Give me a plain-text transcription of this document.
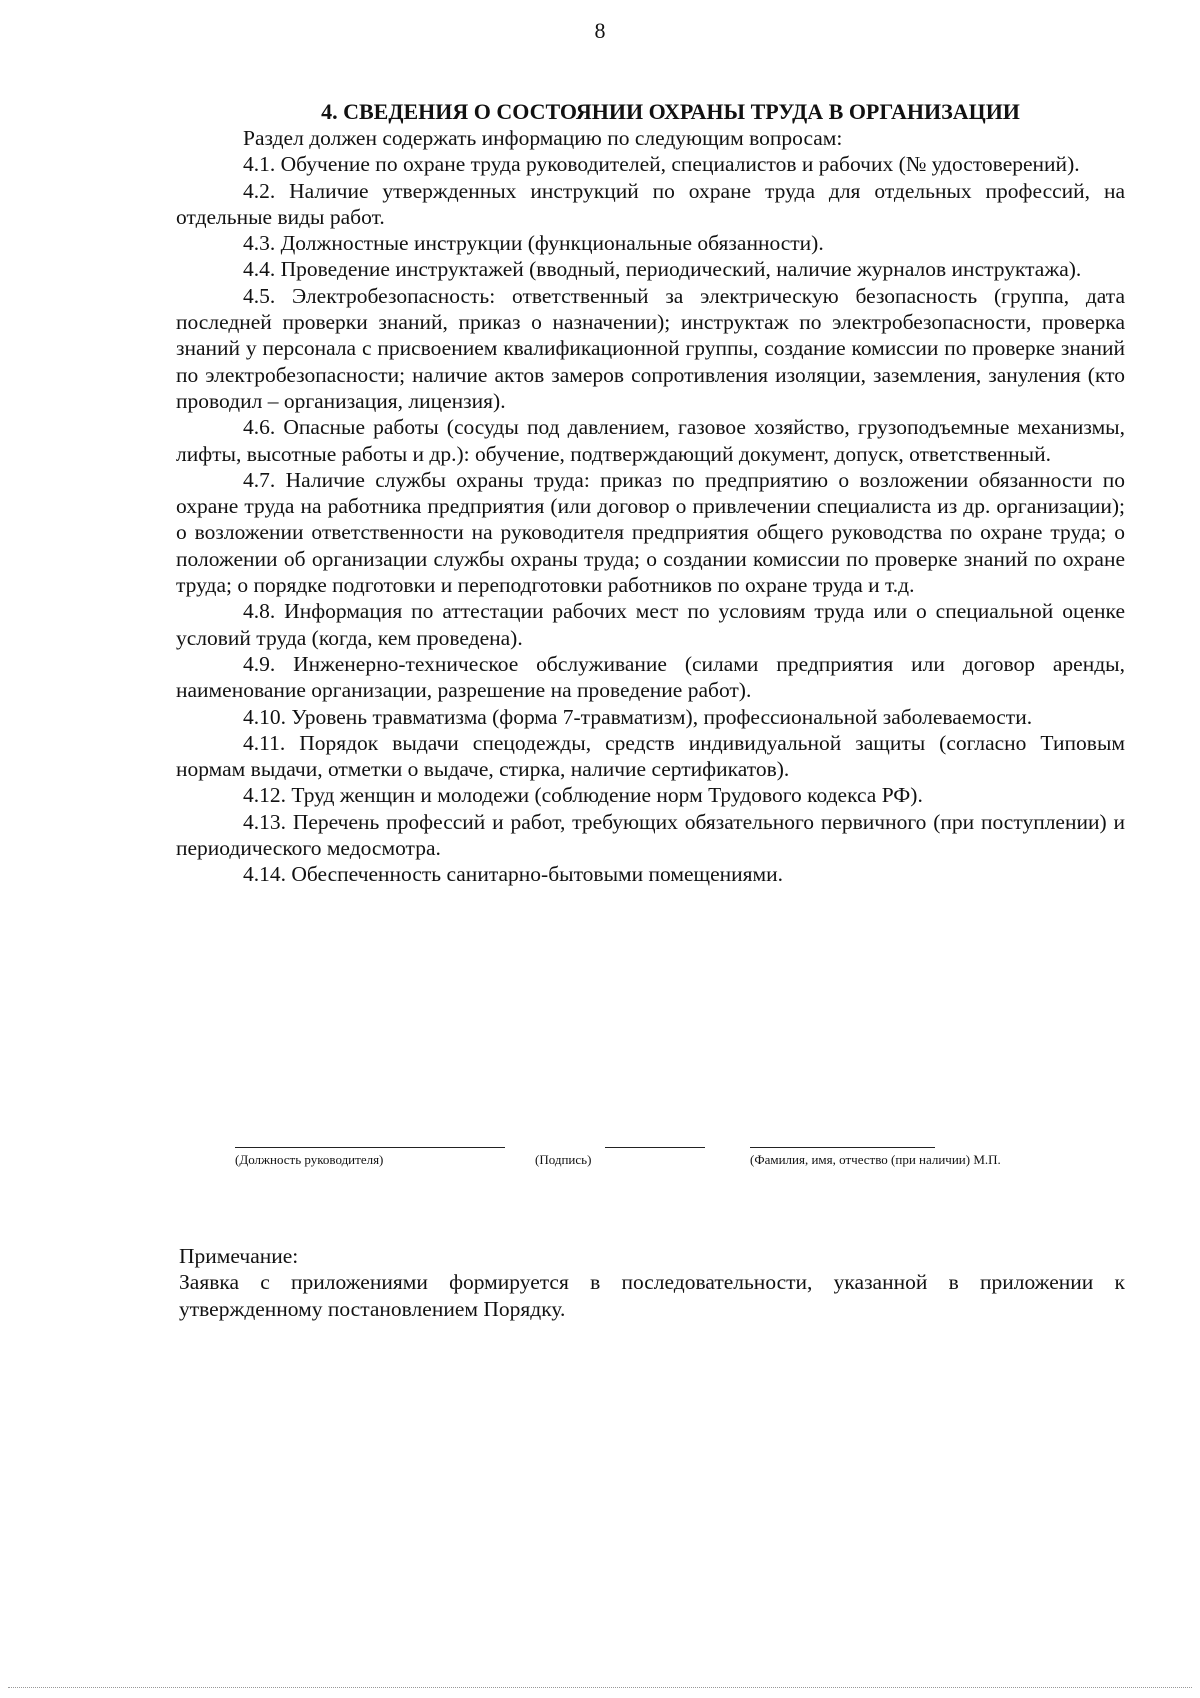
8

4. СВЕДЕНИЯ О СОСТОЯНИИ ОХРАНЫ ТРУДА В ОРГАНИЗАЦИИ

Раздел должен содержать информацию по следующим вопросам:

4.1. Обучение по охране труда руководителей, специалистов и рабочих (№ удостоверений).

4.2. Наличие утвержденных инструкций по охране труда для отдельных профессий, на отдельные виды работ.

4.3. Должностные инструкции (функциональные обязанности).

4.4. Проведение инструктажей (вводный, периодический, наличие журналов инструктажа).

4.5. Электробезопасность: ответственный за электрическую безопасность (группа, дата последней проверки знаний, приказ о назначении); инструктаж по электробезопасности, проверка знаний у персонала с присвоением квалификационной группы, создание комиссии по проверке знаний по электробезопасности; наличие актов замеров сопротивления изоляции, заземления, зануления (кто проводил – организация, лицензия).

4.6. Опасные работы (сосуды под давлением, газовое хозяйство, грузоподъемные механизмы, лифты, высотные работы и др.): обучение, подтверждающий документ, допуск, ответственный.

4.7. Наличие службы охраны труда: приказ по предприятию о возложении обязанности по охране труда на работника предприятия (или договор о привлечении специалиста из др. организации); о возложении ответственности на руководителя предприятия общего руководства по охране труда; о положении об организации службы охраны труда; о создании комиссии по проверке знаний по охране труда; о порядке подготовки и переподготовки работников по охране труда и т.д.

4.8. Информация по аттестации рабочих мест по условиям труда или о специальной оценке условий труда (когда, кем проведена).

4.9. Инженерно-техническое обслуживание (силами предприятия или договор аренды, наименование организации, разрешение на проведение работ).

4.10. Уровень травматизма (форма 7-травматизм), профессиональной заболеваемости.

4.11. Порядок выдачи спецодежды, средств индивидуальной защиты (согласно Типовым нормам выдачи, отметки о выдаче, стирка, наличие сертификатов).

4.12. Труд женщин и молодежи (соблюдение норм Трудового кодекса РФ).

4.13. Перечень профессий и работ, требующих обязательного первичного (при поступлении) и периодического медосмотра.

4.14. Обеспеченность санитарно-бытовыми помещениями.

(Должность руководителя)	(Подпись)	(Фамилия, имя, отчество (при наличии) М.П.

Примечание:

Заявка с приложениями формируется в последовательности, указанной в приложении к утвержденному постановлением Порядку.
